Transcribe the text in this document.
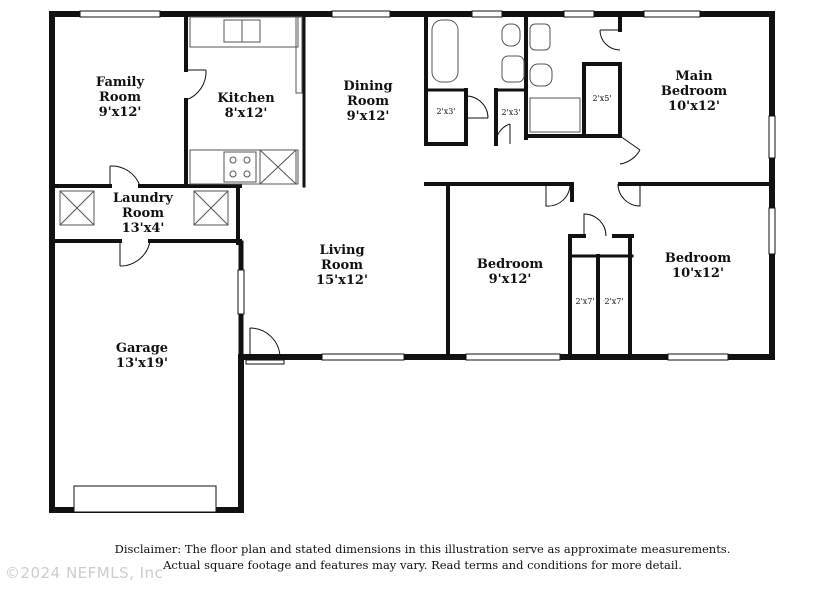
Family
Room
9'x12'
Kitchen
8'x12'
Dining
Room
9'x12'
Main
Bedroom
10'x12'
Laundry
Room
13'x4'
Living
Room
15'x12'
Bedroom
9'x12'
Bedroom
10'x12'
Garage
13'x19'
2'x3'	2'x3'
2'x5'
2'x7' 2'x7'
Disclaimer: The floor plan and stated dimensions in this illustration serve as approximate measurements.
Actual square footage and features may vary. Read terms and conditions for more detail.
©2024 NEFMLS, Inc
